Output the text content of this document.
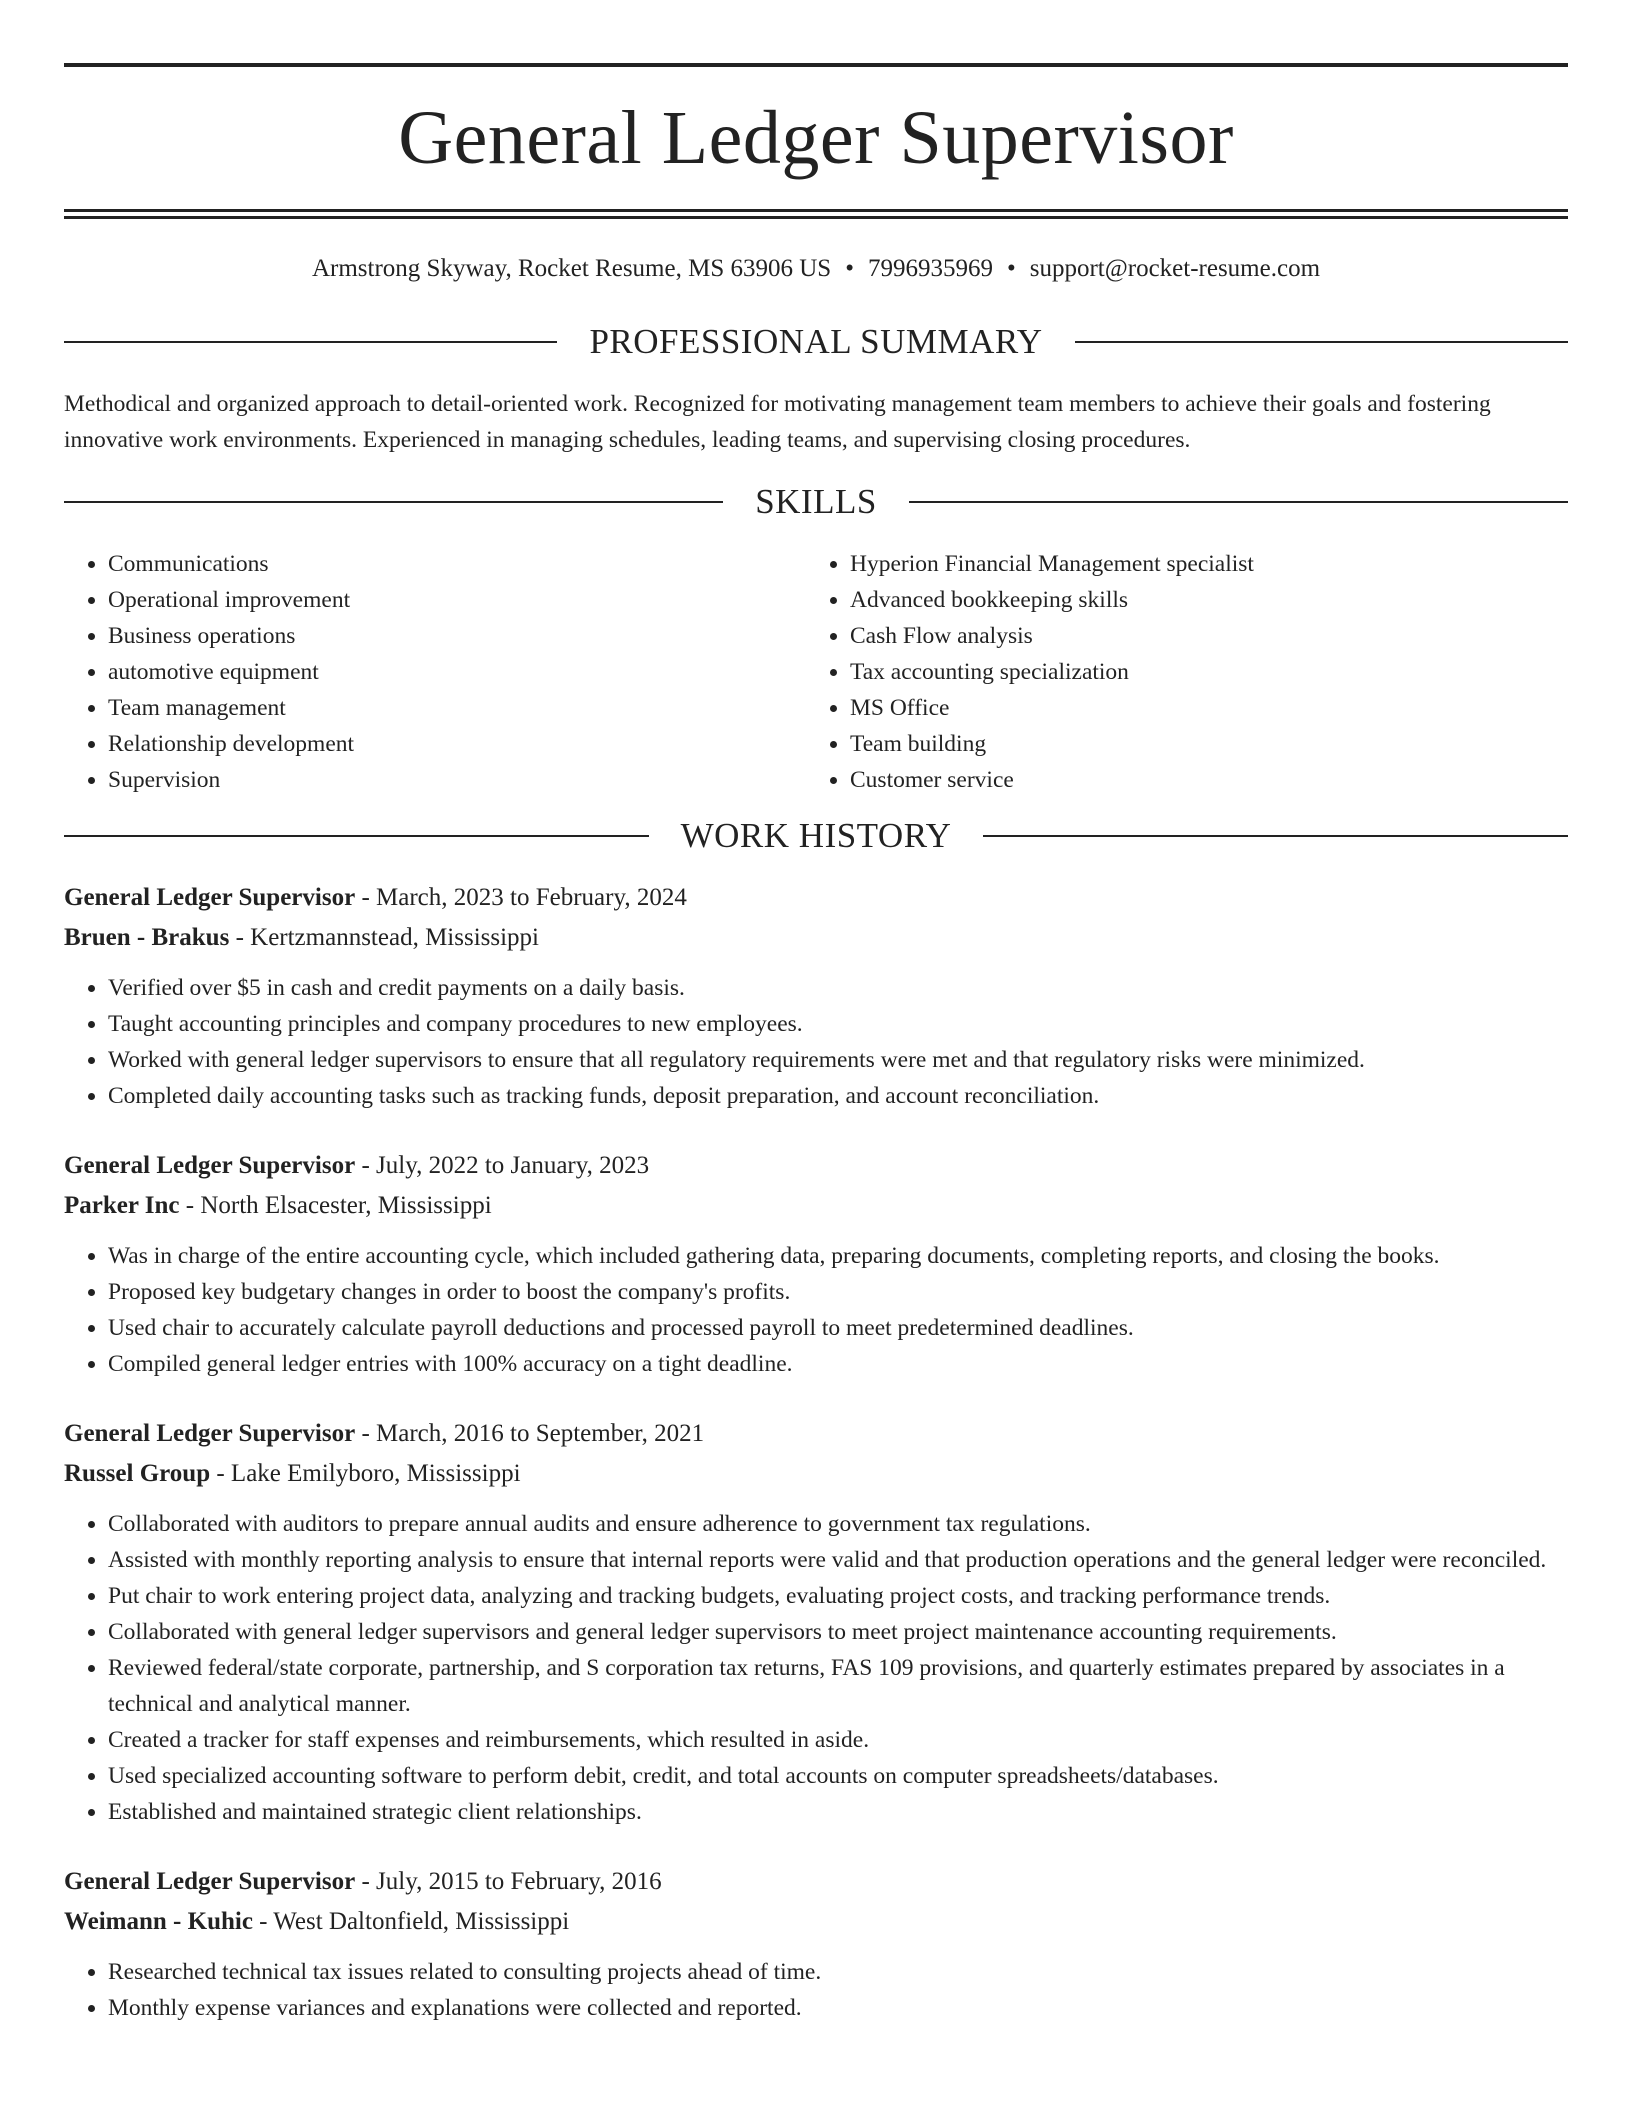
General Ledger Supervisor
Armstrong Skyway, Rocket Resume, MS 63906 US • 7996935969 • support@rocket-resume.com
PROFESSIONAL SUMMARY

Methodical and organized approach to detail-oriented work. Recognized for motivating management team members to achieve their goals and fostering innovative work environments. Experienced in managing schedules, leading teams, and supervising closing procedures.

SKILLS
• Communications
• Operational improvement
• Business operations
• automotive equipment
• Team management
• Relationship development
• Supervision
• Hyperion Financial Management specialist
• Advanced bookkeeping skills
• Cash Flow analysis
• Tax accounting specialization
• MS Office
• Team building
• Customer service
WORK HISTORY
General Ledger Supervisor - March, 2023 to February, 2024
Bruen - Brakus - Kertzmannstead, Mississippi
• Verified over $5 in cash and credit payments on a daily basis.
• Taught accounting principles and company procedures to new employees.
• Worked with general ledger supervisors to ensure that all regulatory requirements were met and that regulatory risks were minimized.
• Completed daily accounting tasks such as tracking funds, deposit preparation, and account reconciliation.
General Ledger Supervisor - July, 2022 to January, 2023
Parker Inc - North Elsacester, Mississippi
• Was in charge of the entire accounting cycle, which included gathering data, preparing documents, completing reports, and closing the books.
• Proposed key budgetary changes in order to boost the company's profits.
• Used chair to accurately calculate payroll deductions and processed payroll to meet predetermined deadlines.
• Compiled general ledger entries with 100% accuracy on a tight deadline.
General Ledger Supervisor - March, 2016 to September, 2021
Russel Group - Lake Emilyboro, Mississippi
• Collaborated with auditors to prepare annual audits and ensure adherence to government tax regulations.
• Assisted with monthly reporting analysis to ensure that internal reports were valid and that production operations and the general ledger were reconciled.
• Put chair to work entering project data, analyzing and tracking budgets, evaluating project costs, and tracking performance trends.
• Collaborated with general ledger supervisors and general ledger supervisors to meet project maintenance accounting requirements.
• Reviewed federal/state corporate, partnership, and S corporation tax returns, FAS 109 provisions, and quarterly estimates prepared by associates in a technical and analytical manner.
• Created a tracker for staff expenses and reimbursements, which resulted in aside.
• Used specialized accounting software to perform debit, credit, and total accounts on computer spreadsheets/databases.
• Established and maintained strategic client relationships.
General Ledger Supervisor - July, 2015 to February, 2016
Weimann - Kuhic - West Daltonfield, Mississippi
• Researched technical tax issues related to consulting projects ahead of time.
• Monthly expense variances and explanations were collected and reported.
